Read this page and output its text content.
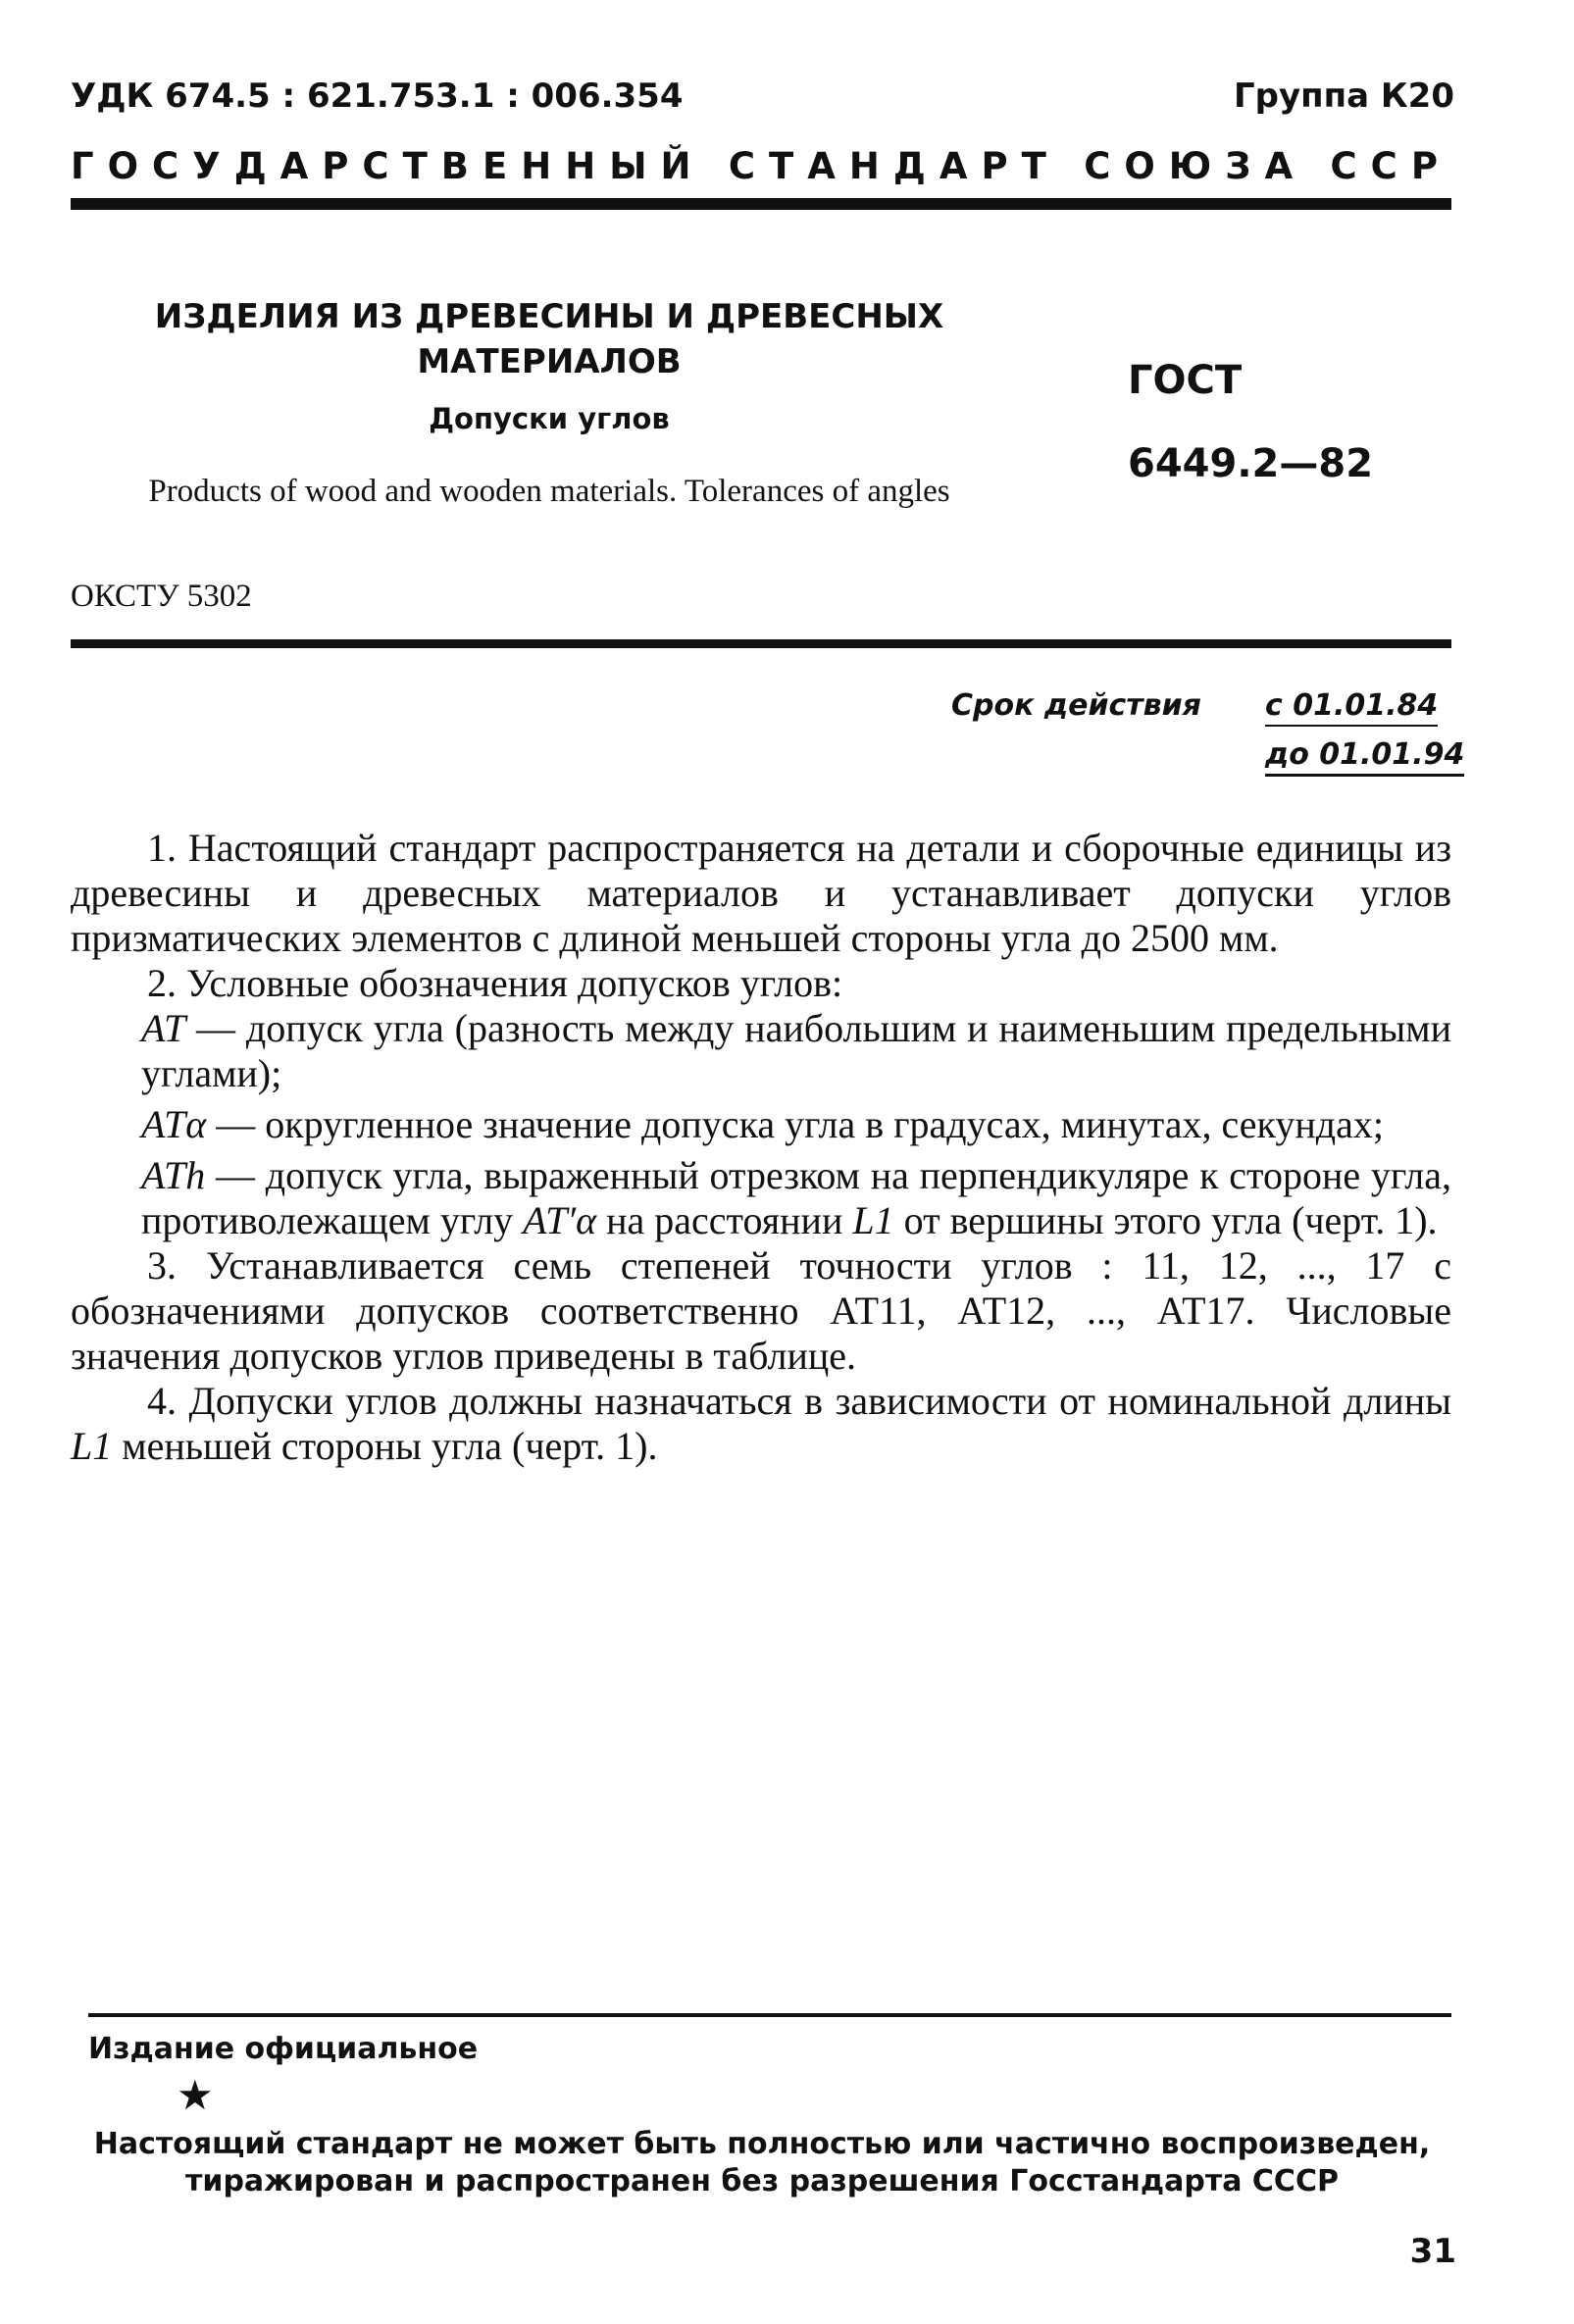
УДК 674.5 : 621.753.1 : 006.354	Группа К20
ГОСУДАРСТВЕННЫЙ СТАНДАРТ СОЮЗА ССР
ИЗДЕЛИЯ ИЗ ДРЕВЕСИНЫ И ДРЕВЕСНЫХ МАТЕРИАЛОВ
Допуски углов
Products of wood and wooden materials. Tolerances of angles
ГОСТ
6449.2—82
ОКСТУ 5302
Срок действия с 01.01.84
до 01.01.94

1. Настоящий стандарт распространяется на детали и сборочные единицы из древесины и древесных материалов и устанавливает допуски углов призматических элементов с длиной меньшей стороны угла до 2500 мм.

2. Условные обозначения допусков углов:

AT — допуск угла (разность между наибольшим и наименьшим предельными углами);

ATα — округленное значение допуска угла в градусах, минутах, секундах;

ATh — допуск угла, выраженный отрезком на перпендикуляре к стороне угла, противолежащем углу AT′α на расстоянии L1 от вершины этого угла (черт. 1).

3. Устанавливается семь степеней точности углов : 11, 12, ..., 17 с обозначениями допусков соответственно АТ11, АТ12, ..., АТ17. Числовые значения допусков углов приведены в таблице.

4. Допуски углов должны назначаться в зависимости от номинальной длины L1 меньшей стороны угла (черт. 1).

Издание официальное
★
Настоящий стандарт не может быть полностью или частично воспроизведен, тиражирован и распространен без разрешения Госстандарта СССР
31
